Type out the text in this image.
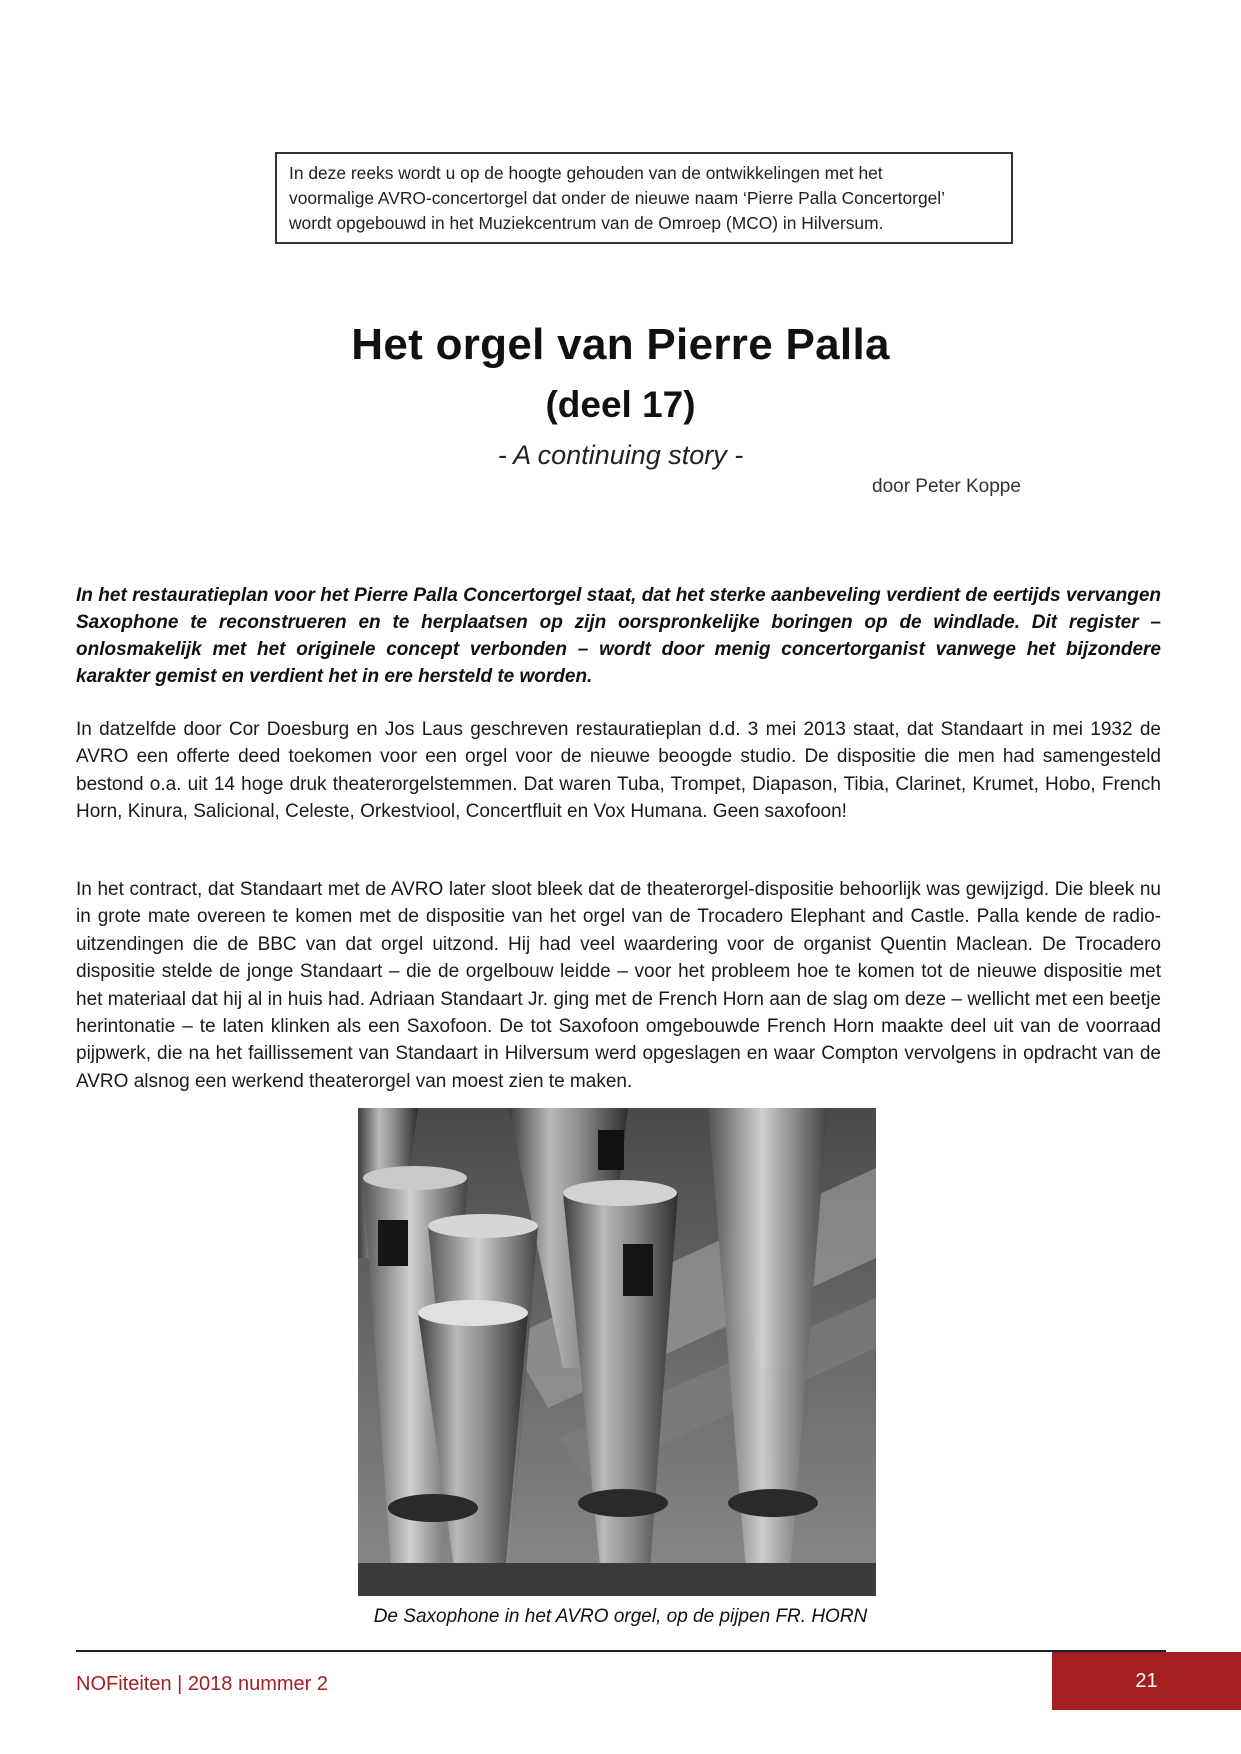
In deze reeks wordt u op de hoogte gehouden van de ontwikkelingen met het
voormalige AVRO-concertorgel dat onder de nieuwe naam ‘Pierre Palla Concertorgel’
wordt opgebouwd in het Muziekcentrum van de Omroep (MCO) in Hilversum.
Het orgel van Pierre Palla
(deel 17)
- A continuing story -
door Peter Koppe

In het restauratieplan voor het Pierre Palla Concertorgel staat, dat het sterke aanbeveling verdient de eertijds vervangen Saxophone te reconstrueren en te herplaatsen op zijn oorspronkelijke boringen op de windlade. Dit register – onlosmakelijk met het originele concept verbonden – wordt door menig concertorganist vanwege het bijzondere karakter gemist en verdient het in ere hersteld te worden.

In datzelfde door Cor Doesburg en Jos Laus geschreven restauratieplan d.d. 3 mei 2013 staat, dat Standaart in mei 1932 de AVRO een offerte deed toekomen voor een orgel voor de nieuwe beoogde studio. De dispositie die men had samengesteld bestond o.a. uit 14 hoge druk theaterorgelstemmen. Dat waren Tuba, Trompet, Diapason, Tibia, Clarinet, Krumet, Hobo, French Horn, Kinura, Salicional, Celeste, Orkestviool, Concertfluit en Vox Humana. Geen saxofoon!

In het contract, dat Standaart met de AVRO later sloot bleek dat de theaterorgel-dispositie behoorlijk was gewijzigd. Die bleek nu in grote mate overeen te komen met de dispositie van het orgel van de Trocadero Elephant and Castle. Palla kende de radio-uitzendingen die de BBC van dat orgel uitzond. Hij had veel waardering voor de organist Quentin Maclean. De Trocadero dispositie stelde de jonge Standaart – die de orgelbouw leidde – voor het probleem hoe te komen tot de nieuwe dispositie met het materiaal dat hij al in huis had. Adriaan Standaart Jr. ging met de French Horn aan de slag om deze – wellicht met een beetje herintonatie – te laten klinken als een Saxofoon. De tot Saxofoon omgebouwde French Horn maakte deel uit van de voorraad pijpwerk, die na het faillissement van Standaart in Hilversum werd opgeslagen en waar Compton vervolgens in opdracht van de AVRO alsnog een werkend theaterorgel van moest zien te maken.

De Saxophone in het AVRO orgel, op de pijpen FR. HORN
NOFiteiten | 2018 nummer 2	21
